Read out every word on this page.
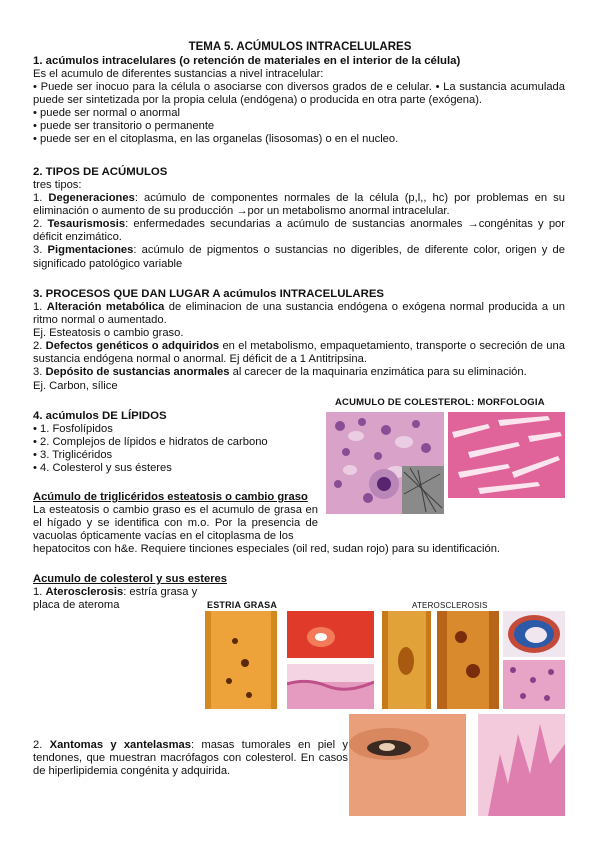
TEMA 5. ACÚMULOS INTRACELULARES
1. acúmulos intracelulares (o retención de materiales en el interior de la célula)

Es el acumulo de diferentes sustancias a nivel intracelular:

• Puede ser inocuo para la célula o asociarse con diversos grados de e celular. • La sustancia acumulada puede ser sintetizada por la propia celula (endógena) o producida en otra parte (exógena).

• puede ser normal o anormal

• puede ser transitorio o permanente

• puede ser en el citoplasma, en las organelas (lisosomas) o en el nucleo.

2. TIPOS DE ACÚMULOS

tres tipos:

1. Degeneraciones: acúmulo de componentes normales de la célula (p,l,, hc) por problemas en su eliminación o aumento de su producción →por un metabolismo anormal intracelular.

2. Tesaurismosis: enfermedades secundarias a acúmulo de sustancias anormales →congénitas y por déficit enzimático.

3. Pigmentaciones: acúmulo de pigmentos o sustancias no digeribles, de diferente color, origen y de significado patológico variable

3. PROCESOS QUE DAN LUGAR A acúmulos INTRACELULARES

1. Alteración metabólica de eliminacion de una sustancia endógena o exógena normal producida a un ritmo normal o aumentado.

Ej. Esteatosis o cambio graso.

2. Defectos genéticos o adquiridos en el metabolismo, empaquetamiento, transporte o secreción de una sustancia endógena normal o anormal. Ej déficit de a 1 Antitripsina.

3. Depósito de sustancias anormales al carecer de la maquinaria enzimática para su eliminación.

Ej. Carbon, sílice

4. acúmulos DE LÍPIDOS

• 1. Fosfolípidos

• 2. Complejos de lípidos e hidratos de carbono

• 3. Triglicéridos

• 4. Colesterol y sus ésteres

ACUMULO DE COLESTEROL: MORFOLOGIA

Acúmulo de triglicéridos esteatosis o cambio graso

La esteatosis o cambio graso es el acumulo de grasa en el hígado y se identifica con m.o. Por la presencia de vacuolas ópticamente vacías en el citoplasma de los

hepatocitos con h&e. Requiere tinciones especiales (oil red, sudan rojo) para su identificación.

Acumulo de colesterol y sus esteres

1. Aterosclerosis: estría grasa y placa de ateroma	ESTRIA GRASA	ATEROSCLEROSIS

2. Xantomas y xantelasmas: masas tumorales en piel y tendones, que muestran macrófagos con colesterol. En casos de hiperlipidemia congénita y adquirida.
